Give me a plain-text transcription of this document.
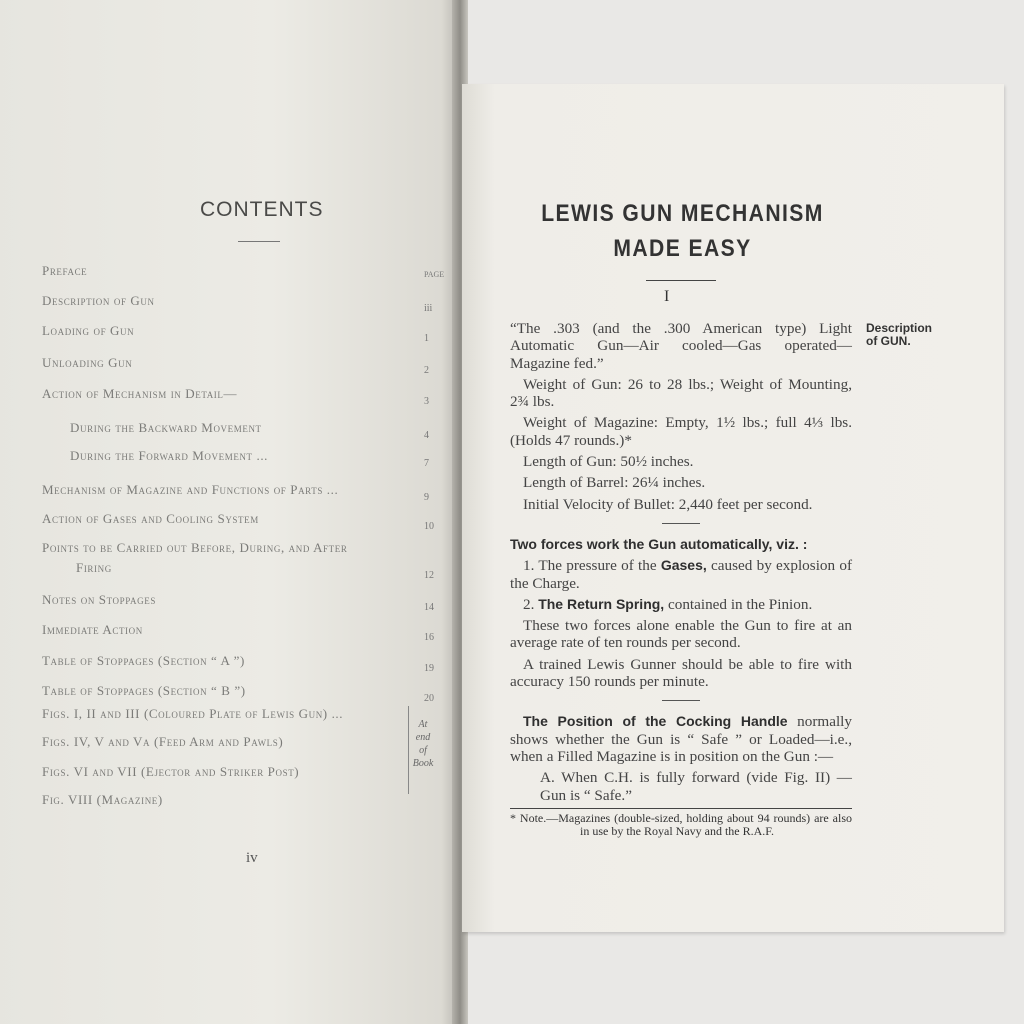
CONTENTS
PAGE
Preface
Description of Gun
iii
Loading of Gun
1
Unloading Gun
2
Action of Mechanism in Detail—
3
During the Backward Movement
4
During the Forward Movement ...
7
Mechanism of Magazine and Functions of Parts ...
9
Action of Gases and Cooling System
10
Points to be Carried out Before, During, and After
Firing
12
Notes on Stoppages
14
Immediate Action
16
Table of Stoppages (Section “ A ”)
19
Table of Stoppages (Section “ B ”)
20
Figs. I, II and III (Coloured Plate of Lewis Gun) ...
Figs. IV, V and Va (Feed Arm and Pawls)
Figs. VI and VII (Ejector and Striker Post)
Fig. VIII (Magazine)
At end of Book
iv
LEWIS GUN MECHANISM
MADE EASY
I
Description of GUN.

“The .303 (and the .300 American type) Light Automatic Gun—Air cooled—Gas operated—Magazine fed.”

Weight of Gun: 26 to 28 lbs.; Weight of Mounting, 2¾ lbs.

Weight of Magazine: Empty, 1½ lbs.; full 4⅓ lbs. (Holds 47 rounds.)*

Length of Gun: 50½ inches.

Length of Barrel: 26¼ inches.

Initial Velocity of Bullet: 2,440 feet per second.

Two forces work the Gun automatically, viz. :

1. The pressure of the Gases, caused by explosion of the Charge.

2. The Return Spring, contained in the Pinion.

These two forces alone enable the Gun to fire at an average rate of ten rounds per second.

A trained Lewis Gunner should be able to fire with accuracy 150 rounds per minute.

The Position of the Cocking Handle normally shows whether the Gun is “ Safe ” or Loaded—i.e., when a Filled Magazine is in position on the Gun :—

A. When C.H. is fully forward (vide Fig. II) —Gun is “ Safe.”

* Note.—Magazines (double-sized, holding about 94 rounds) are also in use by the Royal Navy and the R.A.F.
